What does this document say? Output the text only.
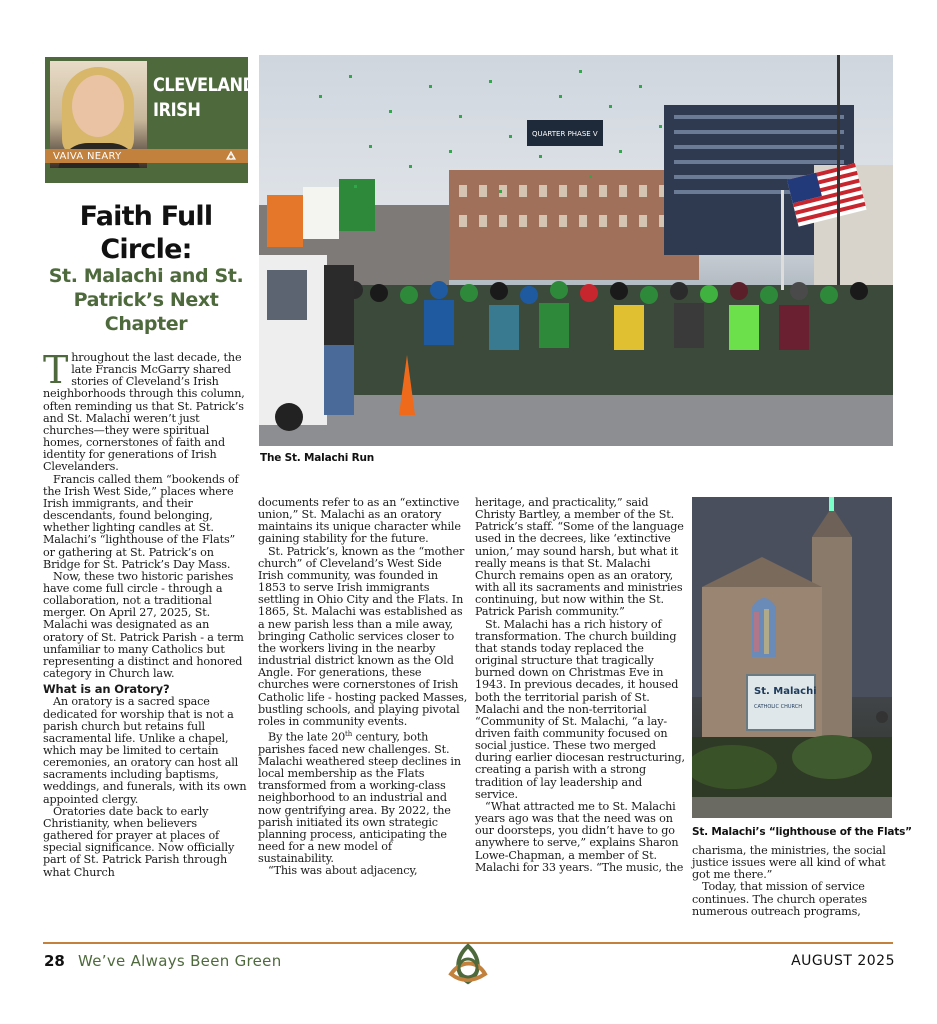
CLEVELAND
IRISH
VAIVA NEARY
Faith Full Circle:
St. Malachi and St. Patrick’s Next Chapter

Throughout the last decade, the late Francis McGarry shared stories of Cleveland’s Irish neighborhoods through this column, often reminding us that St. Patrick’s and St. Malachi weren’t just churches—they were spiritual homes, cornerstones of faith and identity for generations of Irish Clevelanders.

Francis called them “bookends of the Irish West Side,” places where Irish immigrants, and their descendants, found belonging, whether lighting candles at St. Malachi’s “lighthouse of the Flats” or gathering at St. Patrick’s on Bridge for St. Patrick’s Day Mass.

Now, these two historic parishes have come full circle - through a collaboration, not a traditional merger. On April 27, 2025, St. Malachi was designated as an oratory of St. Patrick Parish - a term unfamiliar to many Catholics but representing a distinct and honored category in Church law.

What is an Oratory?

An oratory is a sacred space dedicated for worship that is not a parish church but retains full sacramental life. Unlike a chapel, which may be limited to certain ceremonies, an oratory can host all sacraments including baptisms, weddings, and funerals, with its own appointed clergy.

Oratories date back to early Christianity, when believers gathered for prayer at places of special significance. Now officially part of St. Patrick Parish through what Church

QUARTER PHASE V
The St. Malachi Run

documents refer to as an “extinctive union,” St. Malachi as an oratory maintains its unique character while gaining stability for the future.

St. Patrick’s, known as the “mother church” of Cleveland’s West Side Irish community, was founded in 1853 to serve Irish immigrants settling in Ohio City and the Flats. In 1865, St. Malachi was established as a new parish less than a mile away, bringing Catholic services closer to the workers living in the nearby industrial district known as the Old Angle. For generations, these churches were cornerstones of Irish Catholic life - hosting packed Masses, bustling schools, and playing pivotal roles in community events.

By the late 20th century, both parishes faced new challenges. St. Malachi weathered steep declines in local membership as the Flats transformed from a working-class neighborhood to an industrial and now gentrifying area. By 2022, the parish initiated its own strategic planning process, anticipating the need for a new model of sustainability.

“This was about adjacency,

heritage, and practicality,” said Christy Bartley, a member of the St. Patrick’s staff. “Some of the language used in the decrees, like ‘extinctive union,’ may sound harsh, but what it really means is that St. Malachi Church remains open as an oratory, with all its sacraments and ministries continuing, but now within the St. Patrick Parish community.”

St. Malachi has a rich history of transformation. The church building that stands today replaced the original structure that tragically burned down on Christmas Eve in 1943. In previous decades, it housed both the territorial parish of St. Malachi and the non-territorial “Community of St. Malachi, “a lay-driven faith community focused on social justice. These two merged during earlier diocesan restructuring, creating a parish with a strong tradition of lay leadership and service.

“What attracted me to St. Malachi years ago was that the need was on our doorsteps, you didn’t have to go anywhere to serve,” explains Sharon Lowe-Chapman, a member of St. Malachi for 33 years. “The music, the

St. Malachi
CATHOLIC CHURCH
St. Malachi’s “lighthouse of the Flats”

charisma, the ministries, the social justice issues were all kind of what got me there.”

Today, that mission of service continues. The church operates numerous outreach programs,

28 We’ve Always Been Green	AUGUST 2025
